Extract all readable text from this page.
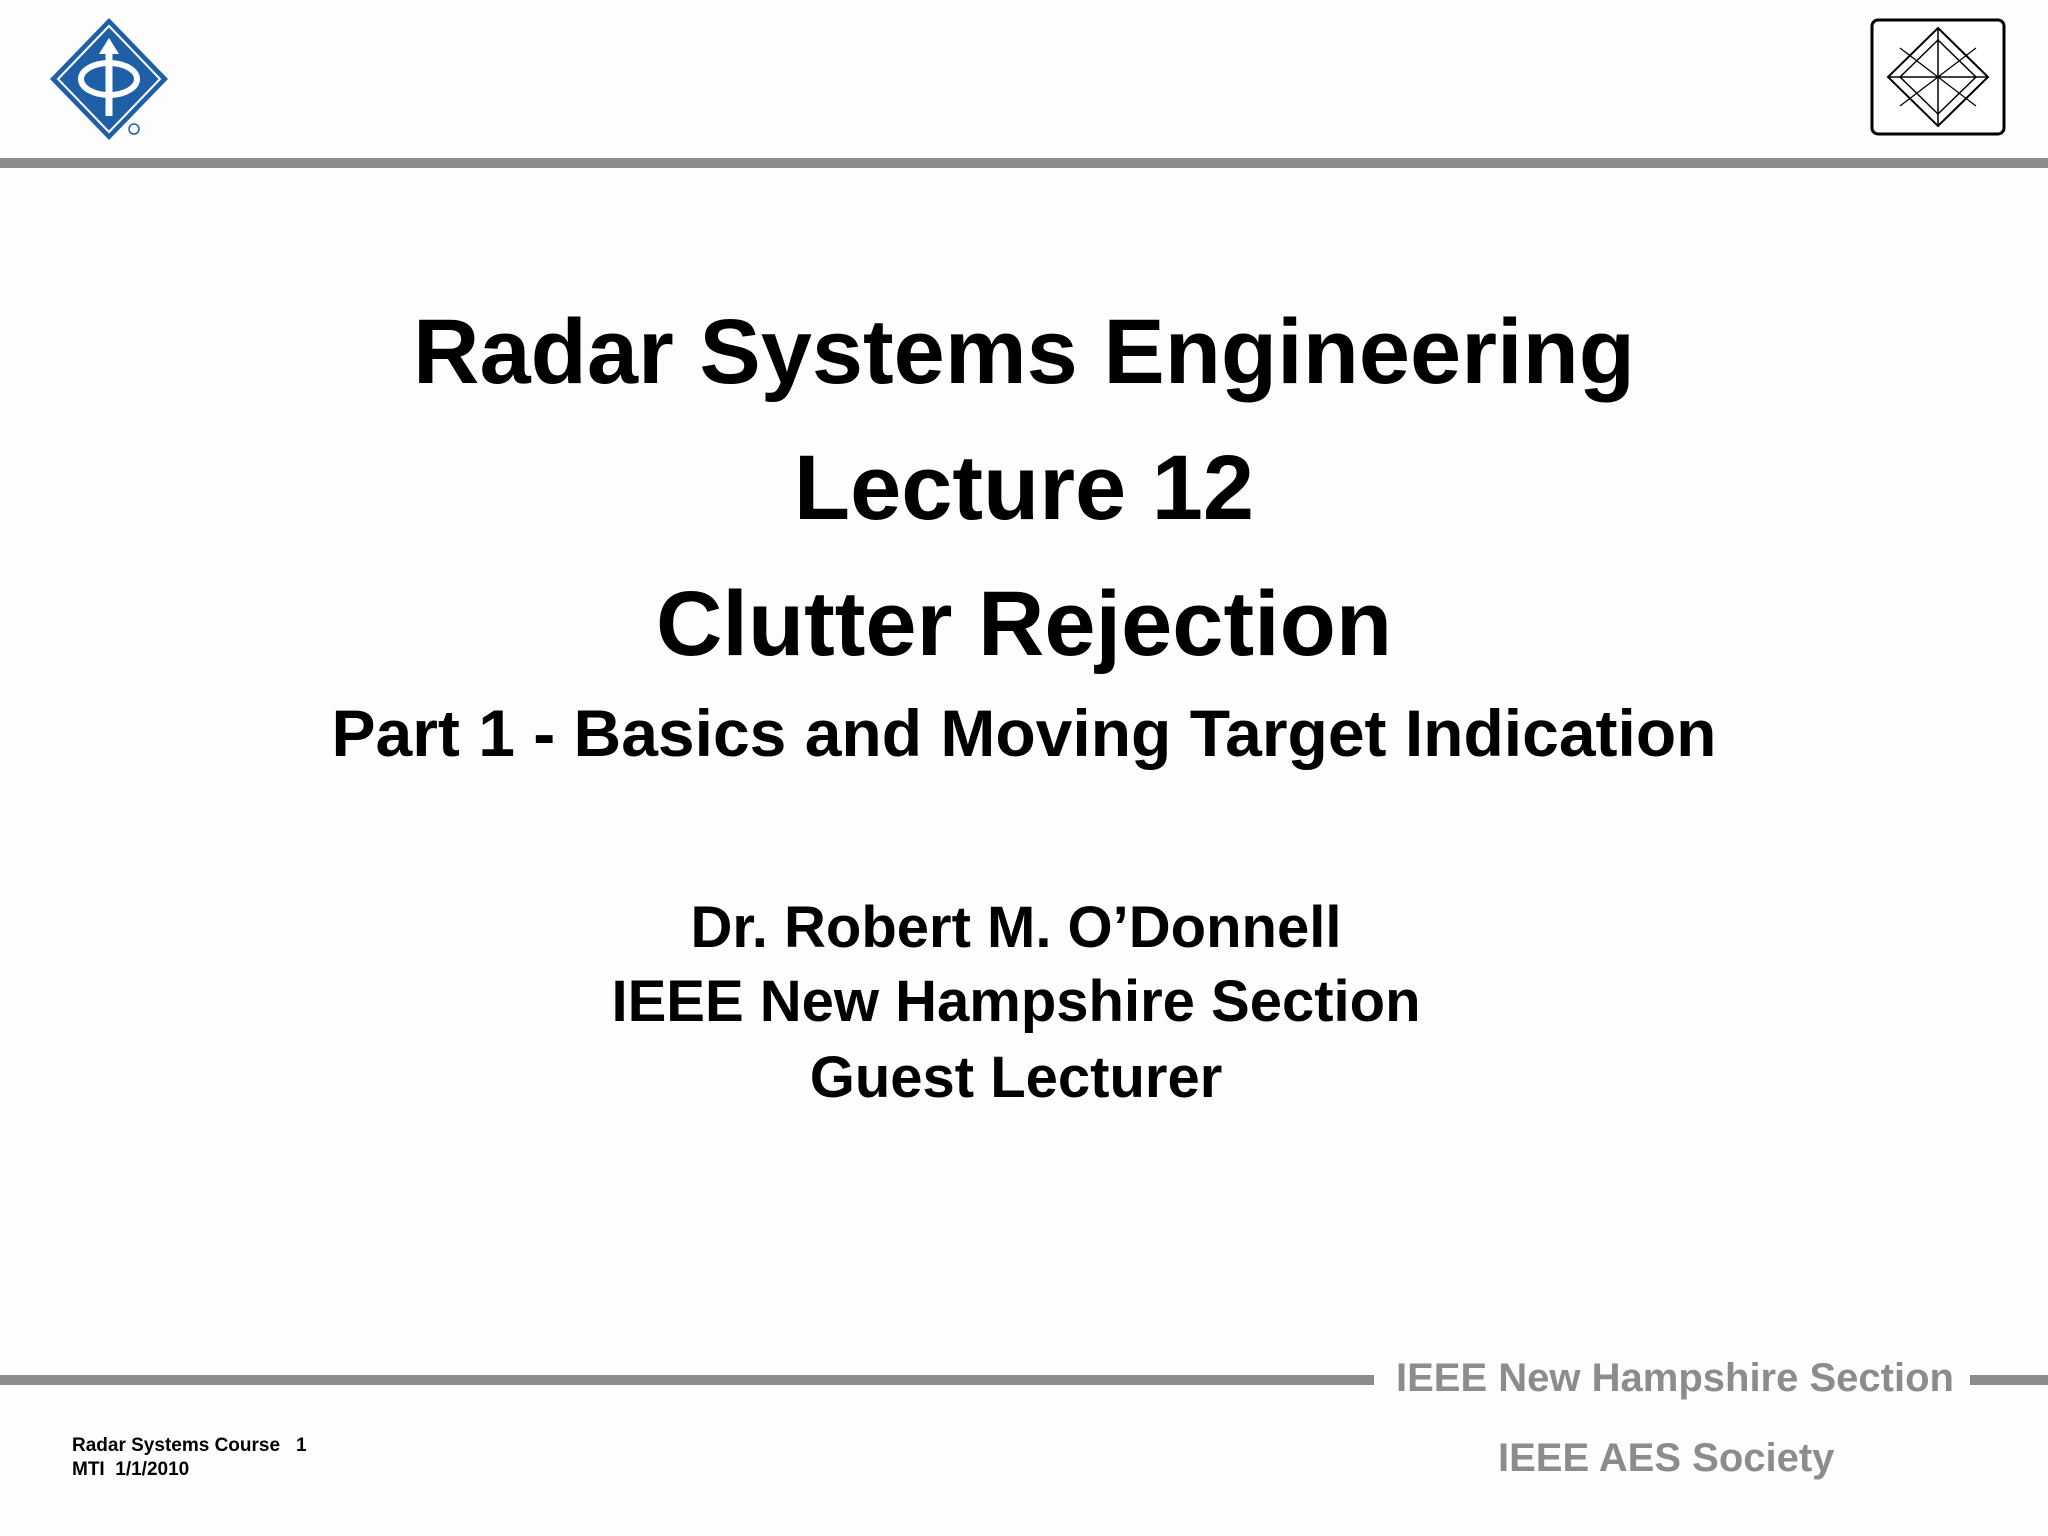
Radar Systems Engineering
Lecture 12
Clutter Rejection
Part 1 - Basics and Moving Target Indication
Dr. Robert M. O’Donnell
IEEE New Hampshire Section
Guest Lecturer
IEEE New Hampshire Section
IEEE AES Society
Radar Systems Course 1
MTI  1/1/2010
